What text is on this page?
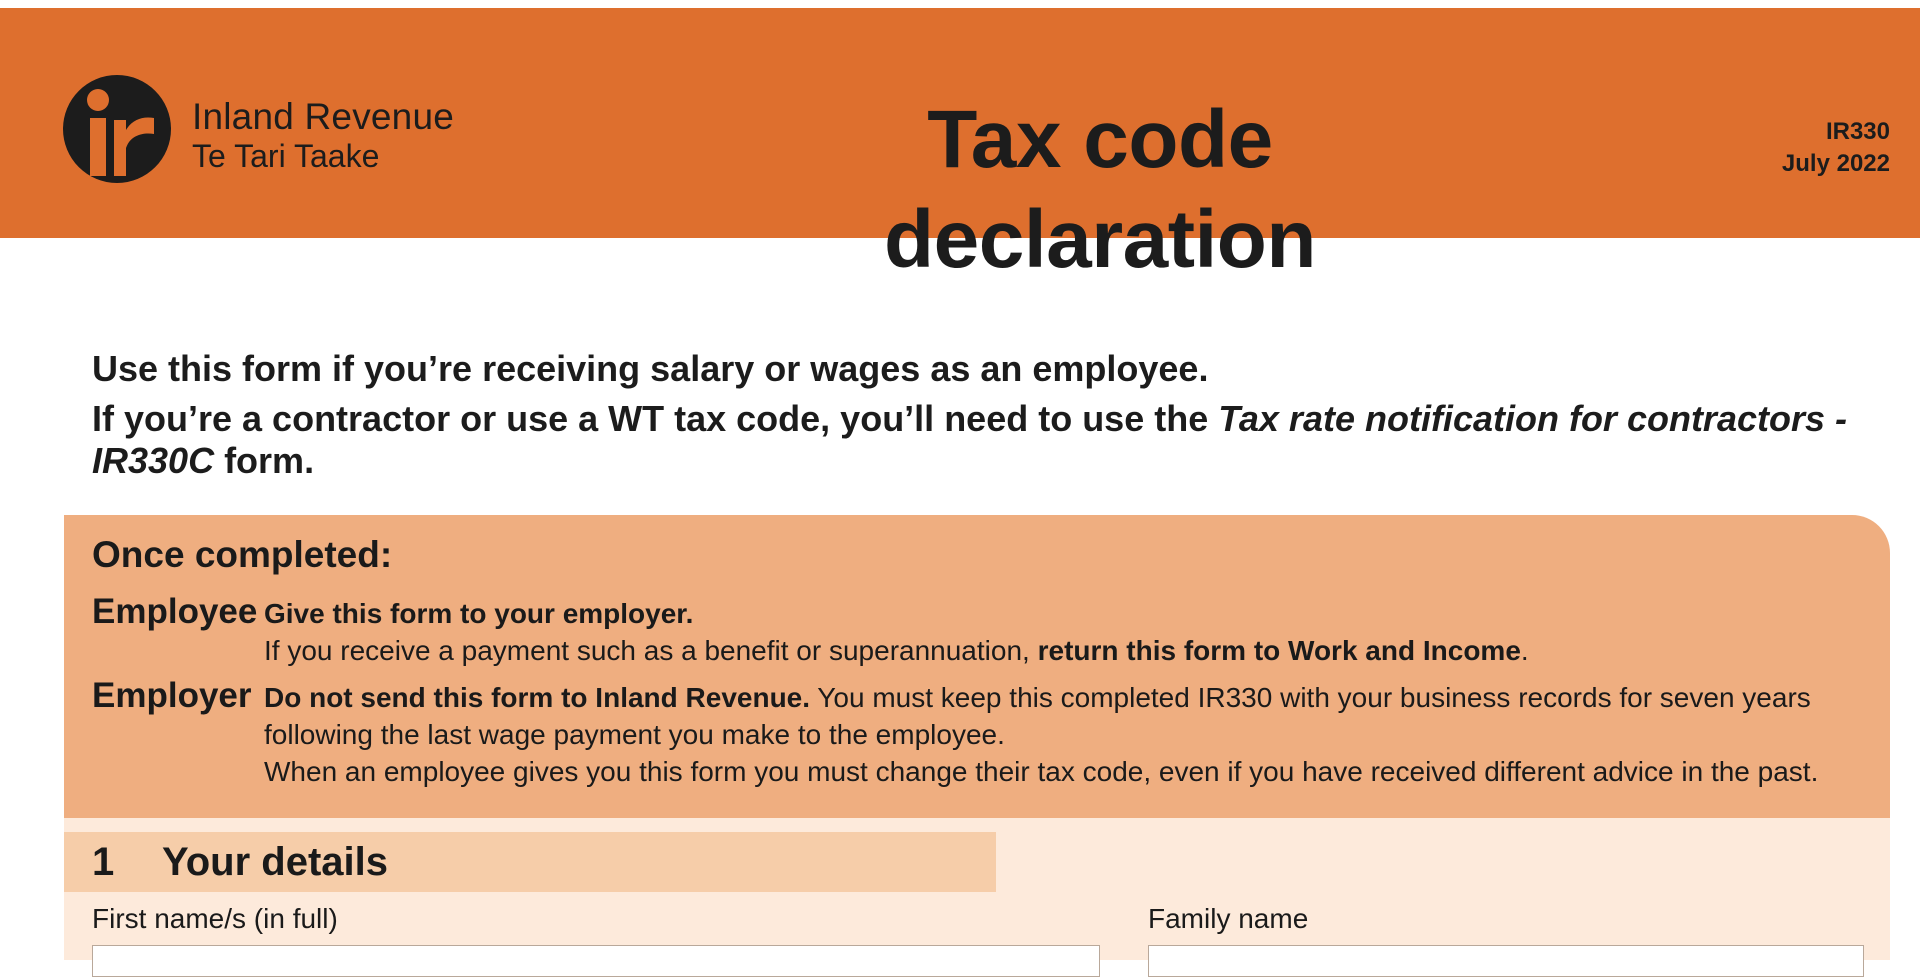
Inland Revenue
Te Tari Taake	Tax code declaration
IR330
July 2022

Use this form if you’re receiving salary or wages as an employee.

If you’re a contractor or use a WT tax code, you’ll need to use the Tax rate notification for contractors - IR330C form.

Once completed:
Employee Give this form to your employer.
If you receive a payment such as a benefit or superannuation, return this form to Work and Income.
Employer Do not send this form to Inland Revenue. You must keep this completed IR330 with your business records for seven years following the last wage payment you make to the employee.
When an employee gives you this form you must change their tax code, even if you have received different advice in the past.
1 Your details
First name/s (in full)	Family name
